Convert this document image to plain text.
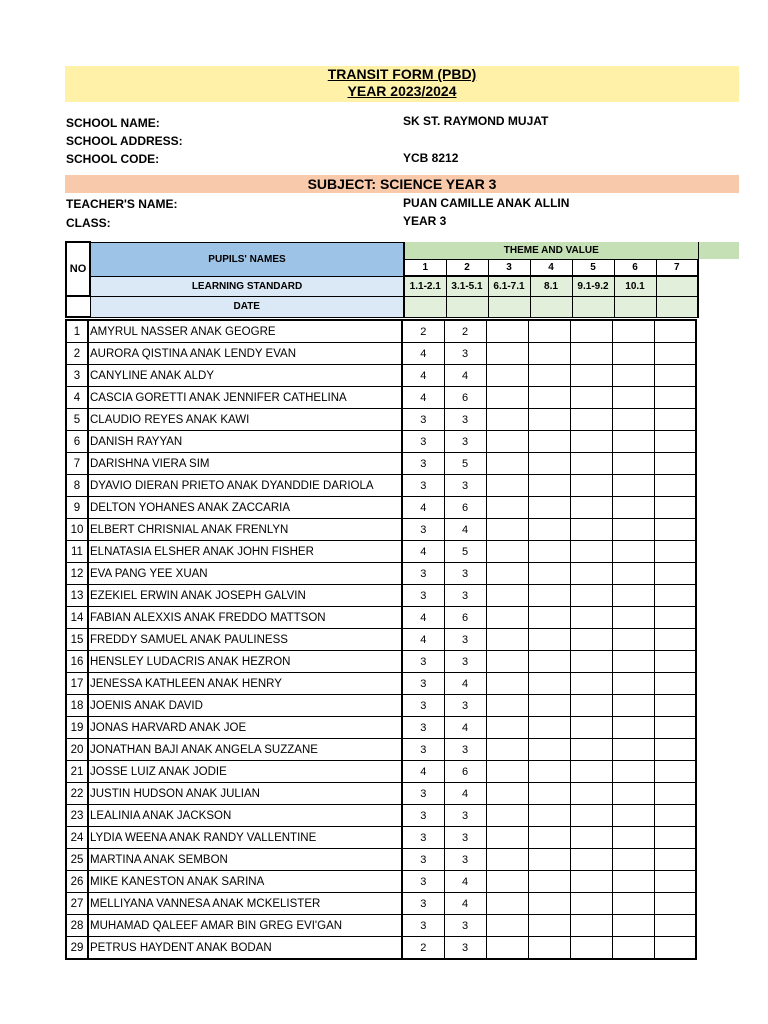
TRANSIT FORM (PBD)
YEAR 2023/2024
SCHOOL NAME:	SK ST. RAYMOND MUJAT
SCHOOL ADDRESS:
SCHOOL CODE:	YCB 8212
SUBJECT: SCIENCE YEAR 3
TEACHER'S NAME:	PUAN CAMILLE ANAK ALLIN
CLASS:	YEAR 3
NO	PUPILS' NAMES	THEME AND VALUE							
		1	2	3	4	5	6	7	
	LEARNING STANDARD	1.1-2.1	3.1-5.1	6.1-7.1	8.1	9.1-9.2	10.1		
	DATE								
1	AMYRUL NASSER ANAK GEOGRE	2	2					
2	AURORA QISTINA ANAK LENDY EVAN	4	3					
3	CANYLINE ANAK ALDY	4	4					
4	CASCIA GORETTI ANAK JENNIFER CATHELINA	4	6					
5	CLAUDIO REYES ANAK KAWI	3	3					
6	DANISH RAYYAN	3	3					
7	DARISHNA VIERA SIM	3	5					
8	DYAVIO DIERAN PRIETO ANAK DYANDDIE DARIOLA	3	3					
9	DELTON YOHANES ANAK ZACCARIA	4	6					
10	ELBERT CHRISNIAL ANAK FRENLYN	3	4					
11	ELNATASIA ELSHER ANAK JOHN FISHER	4	5					
12	EVA PANG YEE XUAN	3	3					
13	EZEKIEL ERWIN ANAK JOSEPH GALVIN	3	3					
14	FABIAN ALEXXIS ANAK FREDDO MATTSON	4	6					
15	FREDDY SAMUEL ANAK PAULINESS	4	3					
16	HENSLEY LUDACRIS ANAK HEZRON	3	3					
17	JENESSA KATHLEEN ANAK HENRY	3	4					
18	JOENIS ANAK DAVID	3	3					
19	JONAS HARVARD ANAK JOE	3	4					
20	JONATHAN BAJI ANAK ANGELA SUZZANE	3	3					
21	JOSSE LUIZ ANAK JODIE	4	6					
22	JUSTIN HUDSON ANAK JULIAN	3	4					
23	LEALINIA ANAK JACKSON	3	3					
24	LYDIA WEENA ANAK RANDY VALLENTINE	3	3					
25	MARTINA ANAK SEMBON	3	3					
26	MIKE KANESTON ANAK SARINA	3	4					
27	MELLIYANA VANNESA ANAK MCKELISTER	3	4					
28	MUHAMAD QALEEF AMAR BIN GREG EVI'GAN	3	3					
29	PETRUS HAYDENT ANAK BODAN	2	3					
